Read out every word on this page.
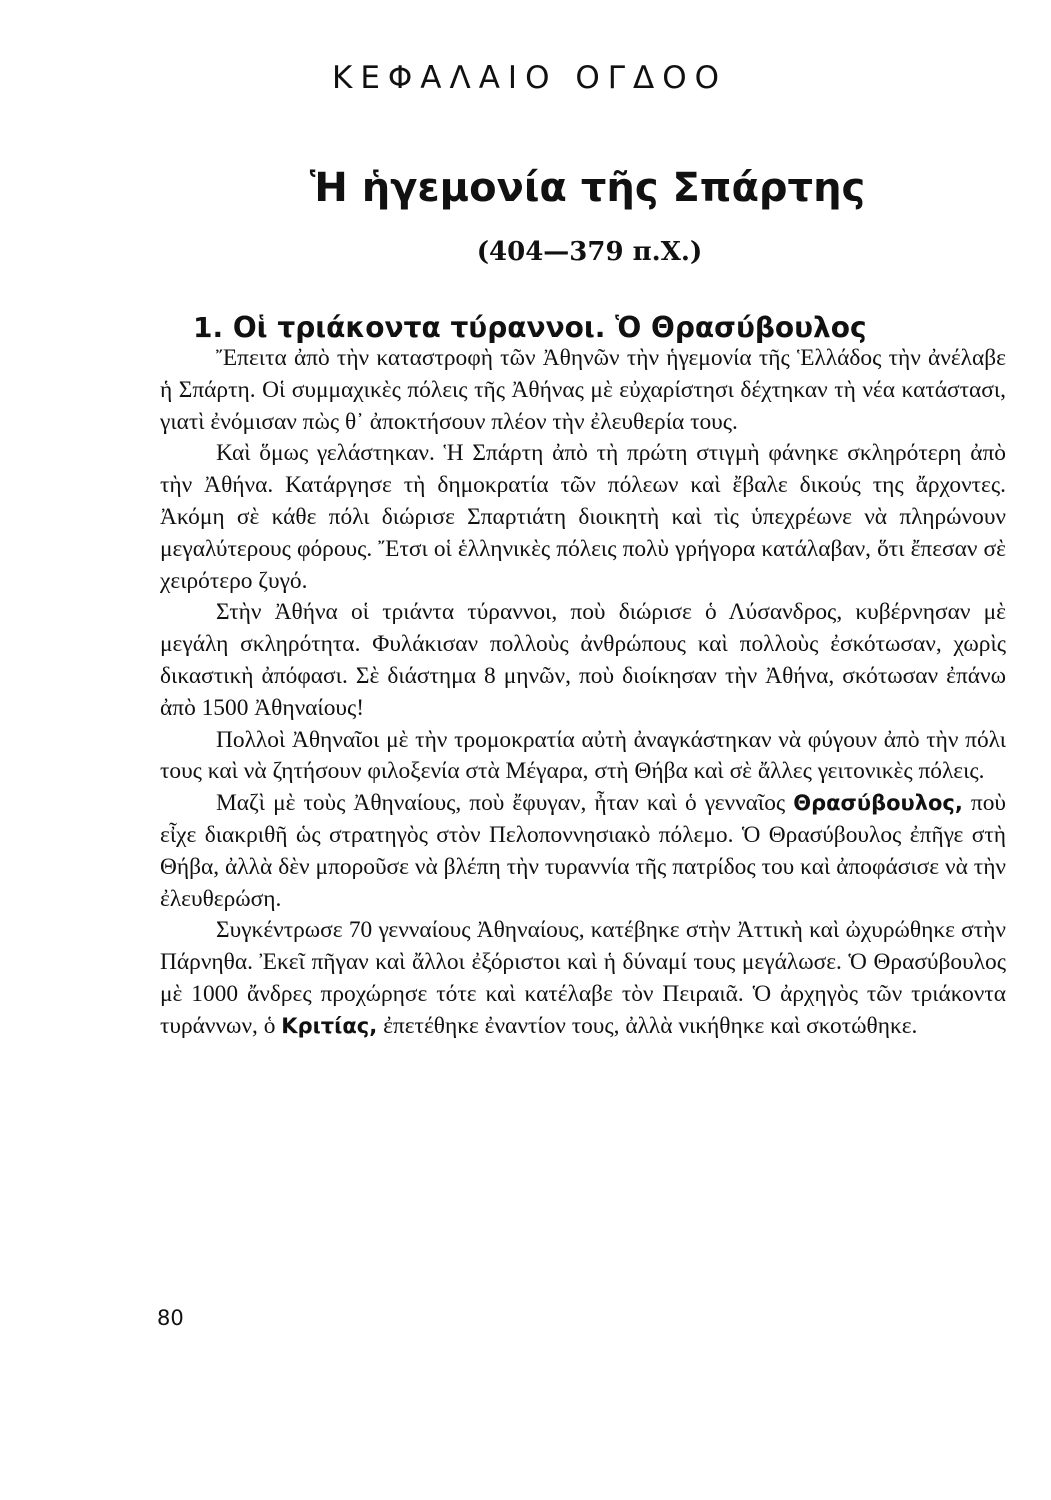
ΚΕΦΑΛΑΙΟ ΟΓΔΟΟ
Ἡ ἡγεμονία τῆς Σπάρτης
(404—379 π.Χ.)
1. Οἱ τριάκοντα τύραννοι. Ὁ Θρασύβουλος

Ἔπειτα ἀπὸ τὴν καταστροφὴ τῶν Ἀθηνῶν τὴν ἡγεμονία τῆς Ἑλλάδος τὴν ἀνέλαβε ἡ Σπάρτη. Οἱ συμμαχικὲς πόλεις τῆς Ἀθήνας μὲ εὐχαρίστησι δέχτηκαν τὴ νέα κατάστασι, γιατὶ ἐνόμισαν πὼς θ᾽ ἀποκτήσουν πλέον τὴν ἐλευθερία τους.

Καὶ ὅμως γελάστηκαν. Ἡ Σπάρτη ἀπὸ τὴ πρώτη στιγμὴ φάνηκε σκληρότερη ἀπὸ τὴν Ἀθήνα. Κατάργησε τὴ δημοκρατία τῶν πόλεων καὶ ἔβαλε δικούς της ἄρχοντες. Ἀκόμη σὲ κάθε πόλι διώρισε Σπαρτιάτη διοικητὴ καὶ τὶς ὑπεχρέωνε νὰ πληρώνουν μεγαλύτερους φόρους. Ἔτσι οἱ ἑλληνικὲς πόλεις πολὺ γρήγορα κατάλαβαν, ὅτι ἔπεσαν σὲ χειρότερο ζυγό.

Στὴν Ἀθήνα οἱ τριάντα τύραννοι, ποὺ διώρισε ὁ Λύσανδρος, κυβέρνησαν μὲ μεγάλη σκληρότητα. Φυλάκισαν πολλοὺς ἀνθρώπους καὶ πολλοὺς ἐσκότωσαν, χωρὶς δικαστικὴ ἀπόφασι. Σὲ διάστημα 8 μηνῶν, ποὺ διοίκησαν τὴν Ἀθήνα, σκότωσαν ἐπάνω ἀπὸ 1500 Ἀθηναίους!

Πολλοὶ Ἀθηναῖοι μὲ τὴν τρομοκρατία αὐτὴ ἀναγκάστηκαν νὰ φύγουν ἀπὸ τὴν πόλι τους καὶ νὰ ζητήσουν φιλοξενία στὰ Μέγαρα, στὴ Θήβα καὶ σὲ ἄλλες γειτονικὲς πόλεις.

Μαζὶ μὲ τοὺς Ἀθηναίους, ποὺ ἔφυγαν, ἦταν καὶ ὁ γενναῖος Θρασύβουλος, ποὺ εἶχε διακριθῆ ὡς στρατηγὸς στὸν Πελοποννησιακὸ πόλεμο. Ὁ Θρασύβουλος ἐπῆγε στὴ Θήβα, ἀλλὰ δὲν μποροῦσε νὰ βλέπη τὴν τυραννία τῆς πατρίδος του καὶ ἀποφάσισε νὰ τὴν ἐλευθερώση.

Συγκέντρωσε 70 γενναίους Ἀθηναίους, κατέβηκε στὴν Ἀττικὴ καὶ ὠχυρώθηκε στὴν Πάρνηθα. Ἐκεῖ πῆγαν καὶ ἄλλοι ἐξόριστοι καὶ ἡ δύναμί τους μεγάλωσε. Ὁ Θρασύβουλος μὲ 1000 ἄνδρες προχώρησε τότε καὶ κατέλαβε τὸν Πειραιᾶ. Ὁ ἀρχηγὸς τῶν τριάκοντα τυράννων, ὁ Κριτίας, ἐπετέθηκε ἐναντίον τους, ἀλλὰ νικήθηκε καὶ σκοτώθηκε.

80
